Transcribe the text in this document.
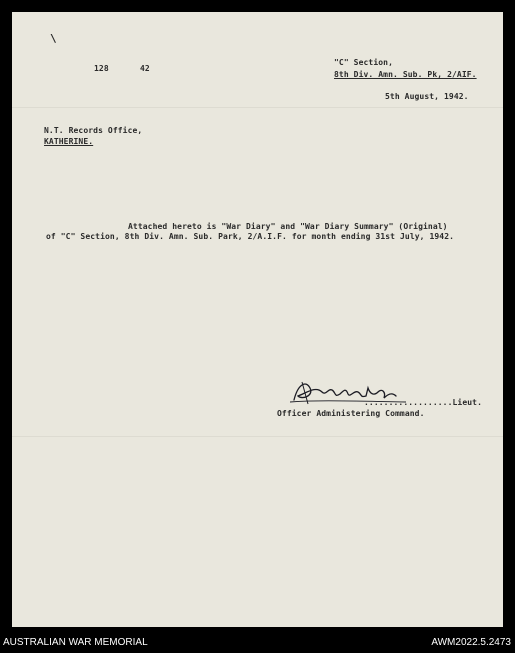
\
128	42
"C" Section,
8th Div. Amn. Sub. Pk, 2/AIF.
5th August, 1942.
N.T. Records Office,
KATHERINE.
Attached hereto is "War Diary" and "War Diary Summary" (Original)
of "C" Section, 8th Div. Amn. Sub. Park, 2/A.I.F. for month ending 31st July, 1942.
..................Lieut.
Officer Administering Command.
AUSTRALIAN WAR MEMORIAL	AWM2022.5.2473
